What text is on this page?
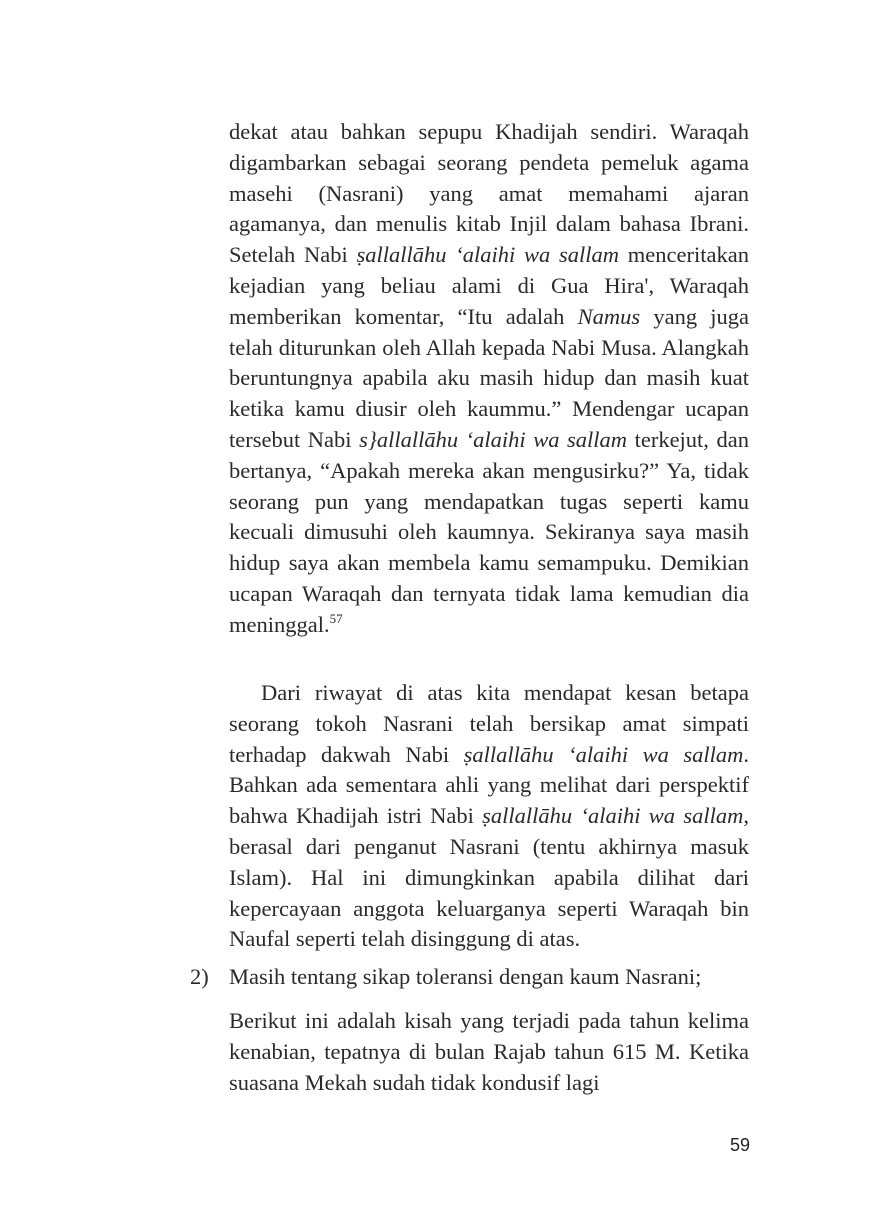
dekat atau bahkan sepupu Khadijah sendiri. Waraqah digambarkan sebagai seorang pendeta pemeluk agama masehi (Nasrani) yang amat memahami ajaran agamanya, dan menulis kitab Injil dalam bahasa Ibrani. Setelah Nabi ṣallallāhu ‘alaihi wa sallam menceritakan kejadian yang beliau alami di Gua Hira', Waraqah memberikan komentar, “Itu adalah Namus yang juga telah diturunkan oleh Allah kepada Nabi Musa. Alangkah beruntungnya apabila aku masih hidup dan masih kuat ketika kamu diusir oleh kaummu.” Mendengar ucapan tersebut Nabi s}allallāhu ‘alaihi wa sallam terkejut, dan bertanya, “Apakah mereka akan mengusirku?” Ya, tidak seorang pun yang mendapatkan tugas seperti kamu kecuali dimusuhi oleh kaumnya. Sekiranya saya masih hidup saya akan membela kamu semampuku. Demikian ucapan Waraqah dan ternyata tidak lama kemudian dia meninggal.$^{57}$

Dari riwayat di atas kita mendapat kesan betapa seorang tokoh Nasrani telah bersikap amat simpati terhadap dakwah Nabi ṣallallāhu ‘alaihi wa sallam. Bahkan ada sementara ahli yang melihat dari perspektif bahwa Khadijah istri Nabi ṣallallāhu ‘alaihi wa sallam, berasal dari penganut Nasrani (tentu akhirnya masuk Islam). Hal ini dimungkinkan apabila dilihat dari kepercayaan anggota keluarganya seperti Waraqah bin Naufal seperti telah disinggung di atas.

2) Masih tentang sikap toleransi dengan kaum Nasrani;

Berikut ini adalah kisah yang terjadi pada tahun kelima kenabian, tepatnya di bulan Rajab tahun 615 M. Ketika suasana Mekah sudah tidak kondusif lagi

59
